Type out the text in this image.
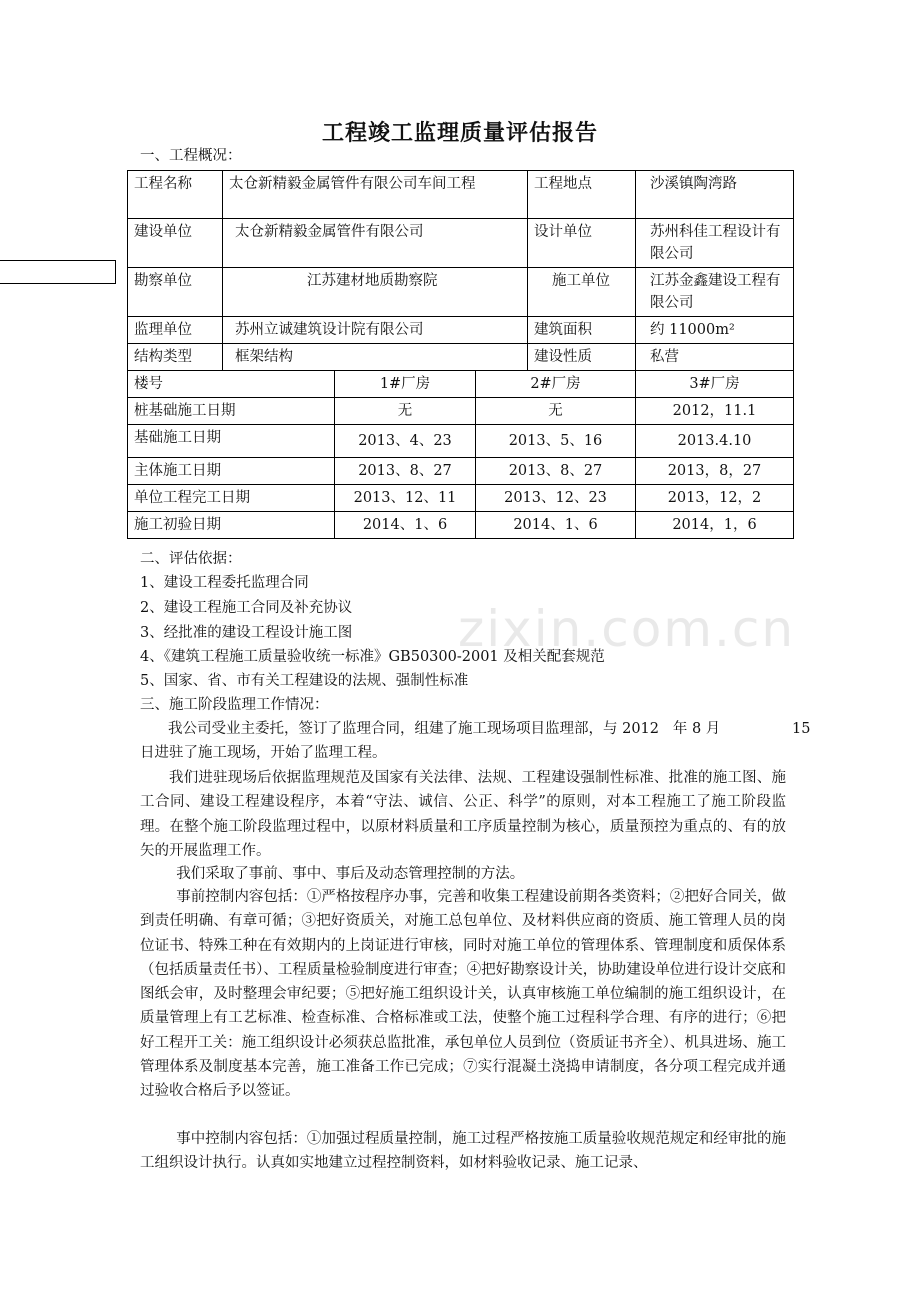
zixin.com.cn
工程竣工监理质量评估报告
一、工程概况：
工程名称	太仓新精毅金属管件有限公司车间工程			工程地点	沙溪镇陶湾路
建设单位	太仓新精毅金属管件有限公司			设计单位	苏州科佳工程设计有限公司
勘察单位	江苏建材地质勘察院			施工单位	江苏金鑫建设工程有限公司
监理单位	苏州立诚建筑设计院有限公司			建筑面积	约 11000m²
结构类型	框架结构			建设性质	私营
楼号		1#厂房	2#厂房		3#厂房
桩基础施工日期		无	无		2012，11.1
基础施工日期		2013、4、23	2013、5、16		2013.4.10
主体施工日期		2013、8、27	2013、8、27		2013，8，27
单位工程完工日期		2013、12、11	2013、12、23		2013，12，2
施工初验日期		2014、1、6	2014、1、6		2014，1，6
二、评估依据：
1、建设工程委托监理合同
2、建设工程施工合同及补充协议
3、经批准的建设工程设计施工图
4、《建筑工程施工质量验收统一标准》GB50300-2001 及相关配套规范
5、国家、省、市有关工程建设的法规、强制性标准
三、施工阶段监理工作情况：
我公司受业主委托，签订了监理合同，组建了施工现场项目监理部，与 2012   年 8 月	15
日进驻了施工现场，开始了监理工程。
我们进驻现场后依据监理规范及国家有关法律、法规、工程建设强制性标准、批准的施工图、施工合同、建设工程建设程序，本着“守法、诚信、公正、科学”的原则，对本工程施工了施工阶段监理。在整个施工阶段监理过程中，以原材料质量和工序质量控制为核心，质量预控为重点的、有的放矢的开展监理工作。
我们采取了事前、事中、事后及动态管理控制的方法。
事前控制内容包括：①严格按程序办事，完善和收集工程建设前期各类资料；②把好合同关，做到责任明确、有章可循；③把好资质关，对施工总包单位、及材料供应商的资质、施工管理人员的岗位证书、特殊工种在有效期内的上岗证进行审核，同时对施工单位的管理体系、管理制度和质保体系（包括质量责任书）、工程质量检验制度进行审查；④把好勘察设计关，协助建设单位进行设计交底和图纸会审，及时整理会审纪要；⑤把好施工组织设计关，认真审核施工单位编制的施工组织设计，在质量管理上有工艺标准、检查标准、合格标准或工法，使整个施工过程科学合理、有序的进行；⑥把好工程开工关：施工组织设计必须获总监批准，承包单位人员到位（资质证书齐全）、机具进场、施工管理体系及制度基本完善，施工准备工作已完成；⑦实行混凝土浇捣申请制度，各分项工程完成并通过验收合格后予以签证。
事中控制内容包括：①加强过程质量控制，施工过程严格按施工质量验收规范规定和经审批的施工组织设计执行。认真如实地建立过程控制资料，如材料验收记录、施工记录、
